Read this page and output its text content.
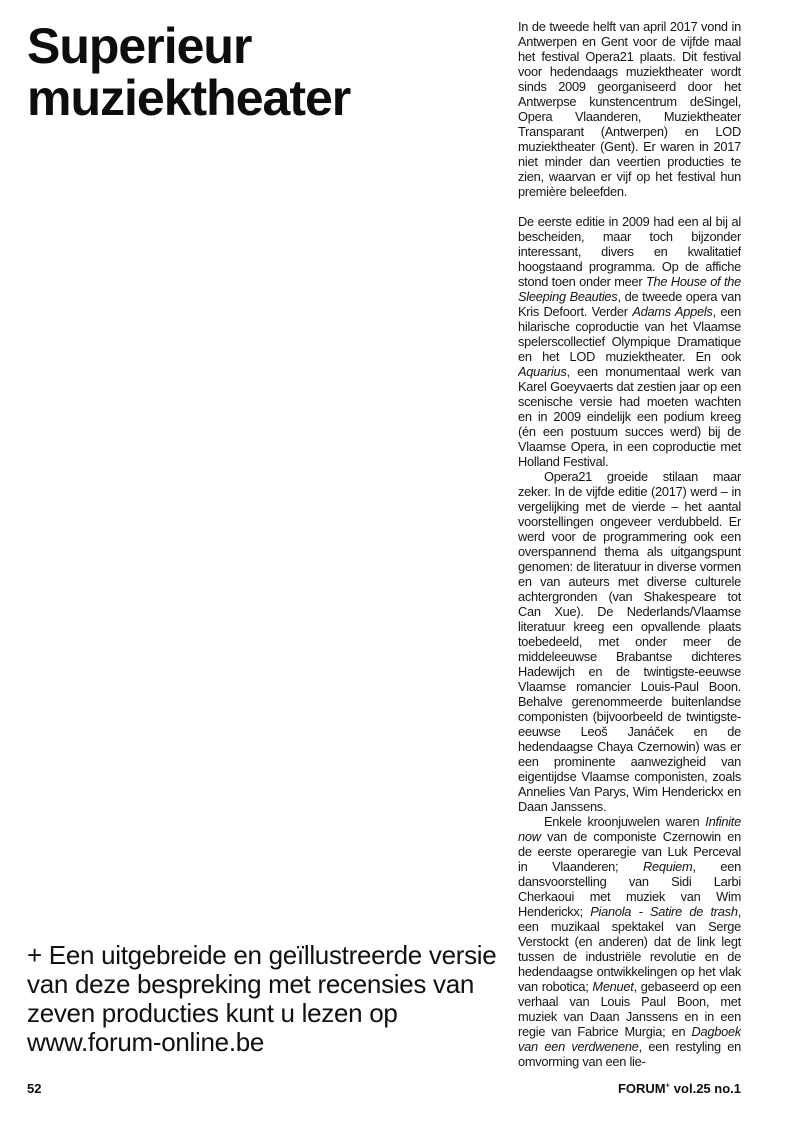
Superieur muziektheater
+ Een uitgebreide en geïllustreerde versie van deze bespreking met recensies van zeven producties kunt u lezen op www.forum-online.be

In de tweede helft van april 2017 vond in Antwerpen en Gent voor de vijfde maal het festival Opera21 plaats. Dit festival voor hedendaags muziektheater wordt sinds 2009 georganiseerd door het Antwerpse kunstencentrum deSingel, Opera Vlaanderen, Muziektheater Transparant (Antwerpen) en LOD muziektheater (Gent). Er waren in 2017 niet minder dan veertien producties te zien, waarvan er vijf op het festival hun première beleefden.

De eerste editie in 2009 had een al bij al bescheiden, maar toch bijzonder interessant, divers en kwalitatief hoogstaand programma. Op de affiche stond toen onder meer The House of the Sleeping Beauties, de tweede opera van Kris Defoort. Verder Adams Appels, een hilarische coproductie van het Vlaamse spelerscollectief Olympique Dramatique en het LOD muziektheater. En ook Aquarius, een monumentaal werk van Karel Goeyvaerts dat zestien jaar op een scenische versie had moeten wachten en in 2009 eindelijk een podium kreeg (én een postuum succes werd) bij de Vlaamse Opera, in een coproductie met Holland Festival.

Opera21 groeide stilaan maar zeker. In de vijfde editie (2017) werd – in vergelijking met de vierde – het aantal voorstellingen ongeveer verdubbeld. Er werd voor de programmering ook een overspannend thema als uitgangspunt genomen: de literatuur in diverse vormen en van auteurs met diverse culturele achtergronden (van Shakespeare tot Can Xue). De Nederlands/Vlaamse literatuur kreeg een opvallende plaats toebedeeld, met onder meer de middeleeuwse Brabantse dichteres Hadewijch en de twintigste-eeuwse Vlaamse romancier Louis-Paul Boon. Behalve gerenommeerde buitenlandse componisten (bijvoorbeeld de twintigste-eeuwse Leoš Janáček en de hedendaagse Chaya Czernowin) was er een prominente aanwezigheid van eigentijdse Vlaamse componisten, zoals Annelies Van Parys, Wim Henderickx en Daan Janssens.

Enkele kroonjuwelen waren Infinite now van de componiste Czernowin en de eerste operaregie van Luk Perceval in Vlaanderen; Requiem, een dansvoorstelling van Sidi Larbi Cherkaoui met muziek van Wim Henderickx; Pianola - Satire de trash, een muzikaal spektakel van Serge Verstockt (en anderen) dat de link legt tussen de industriële revolutie en de hedendaagse ontwikkelingen op het vlak van robotica; Menuet, gebaseerd op een verhaal van Louis Paul Boon, met muziek van Daan Janssens en in een regie van Fabrice Murgia; en Dagboek van een verdwenene, een restyling en omvorming van een lie-

52	FORUM+ vol.25 no.1
